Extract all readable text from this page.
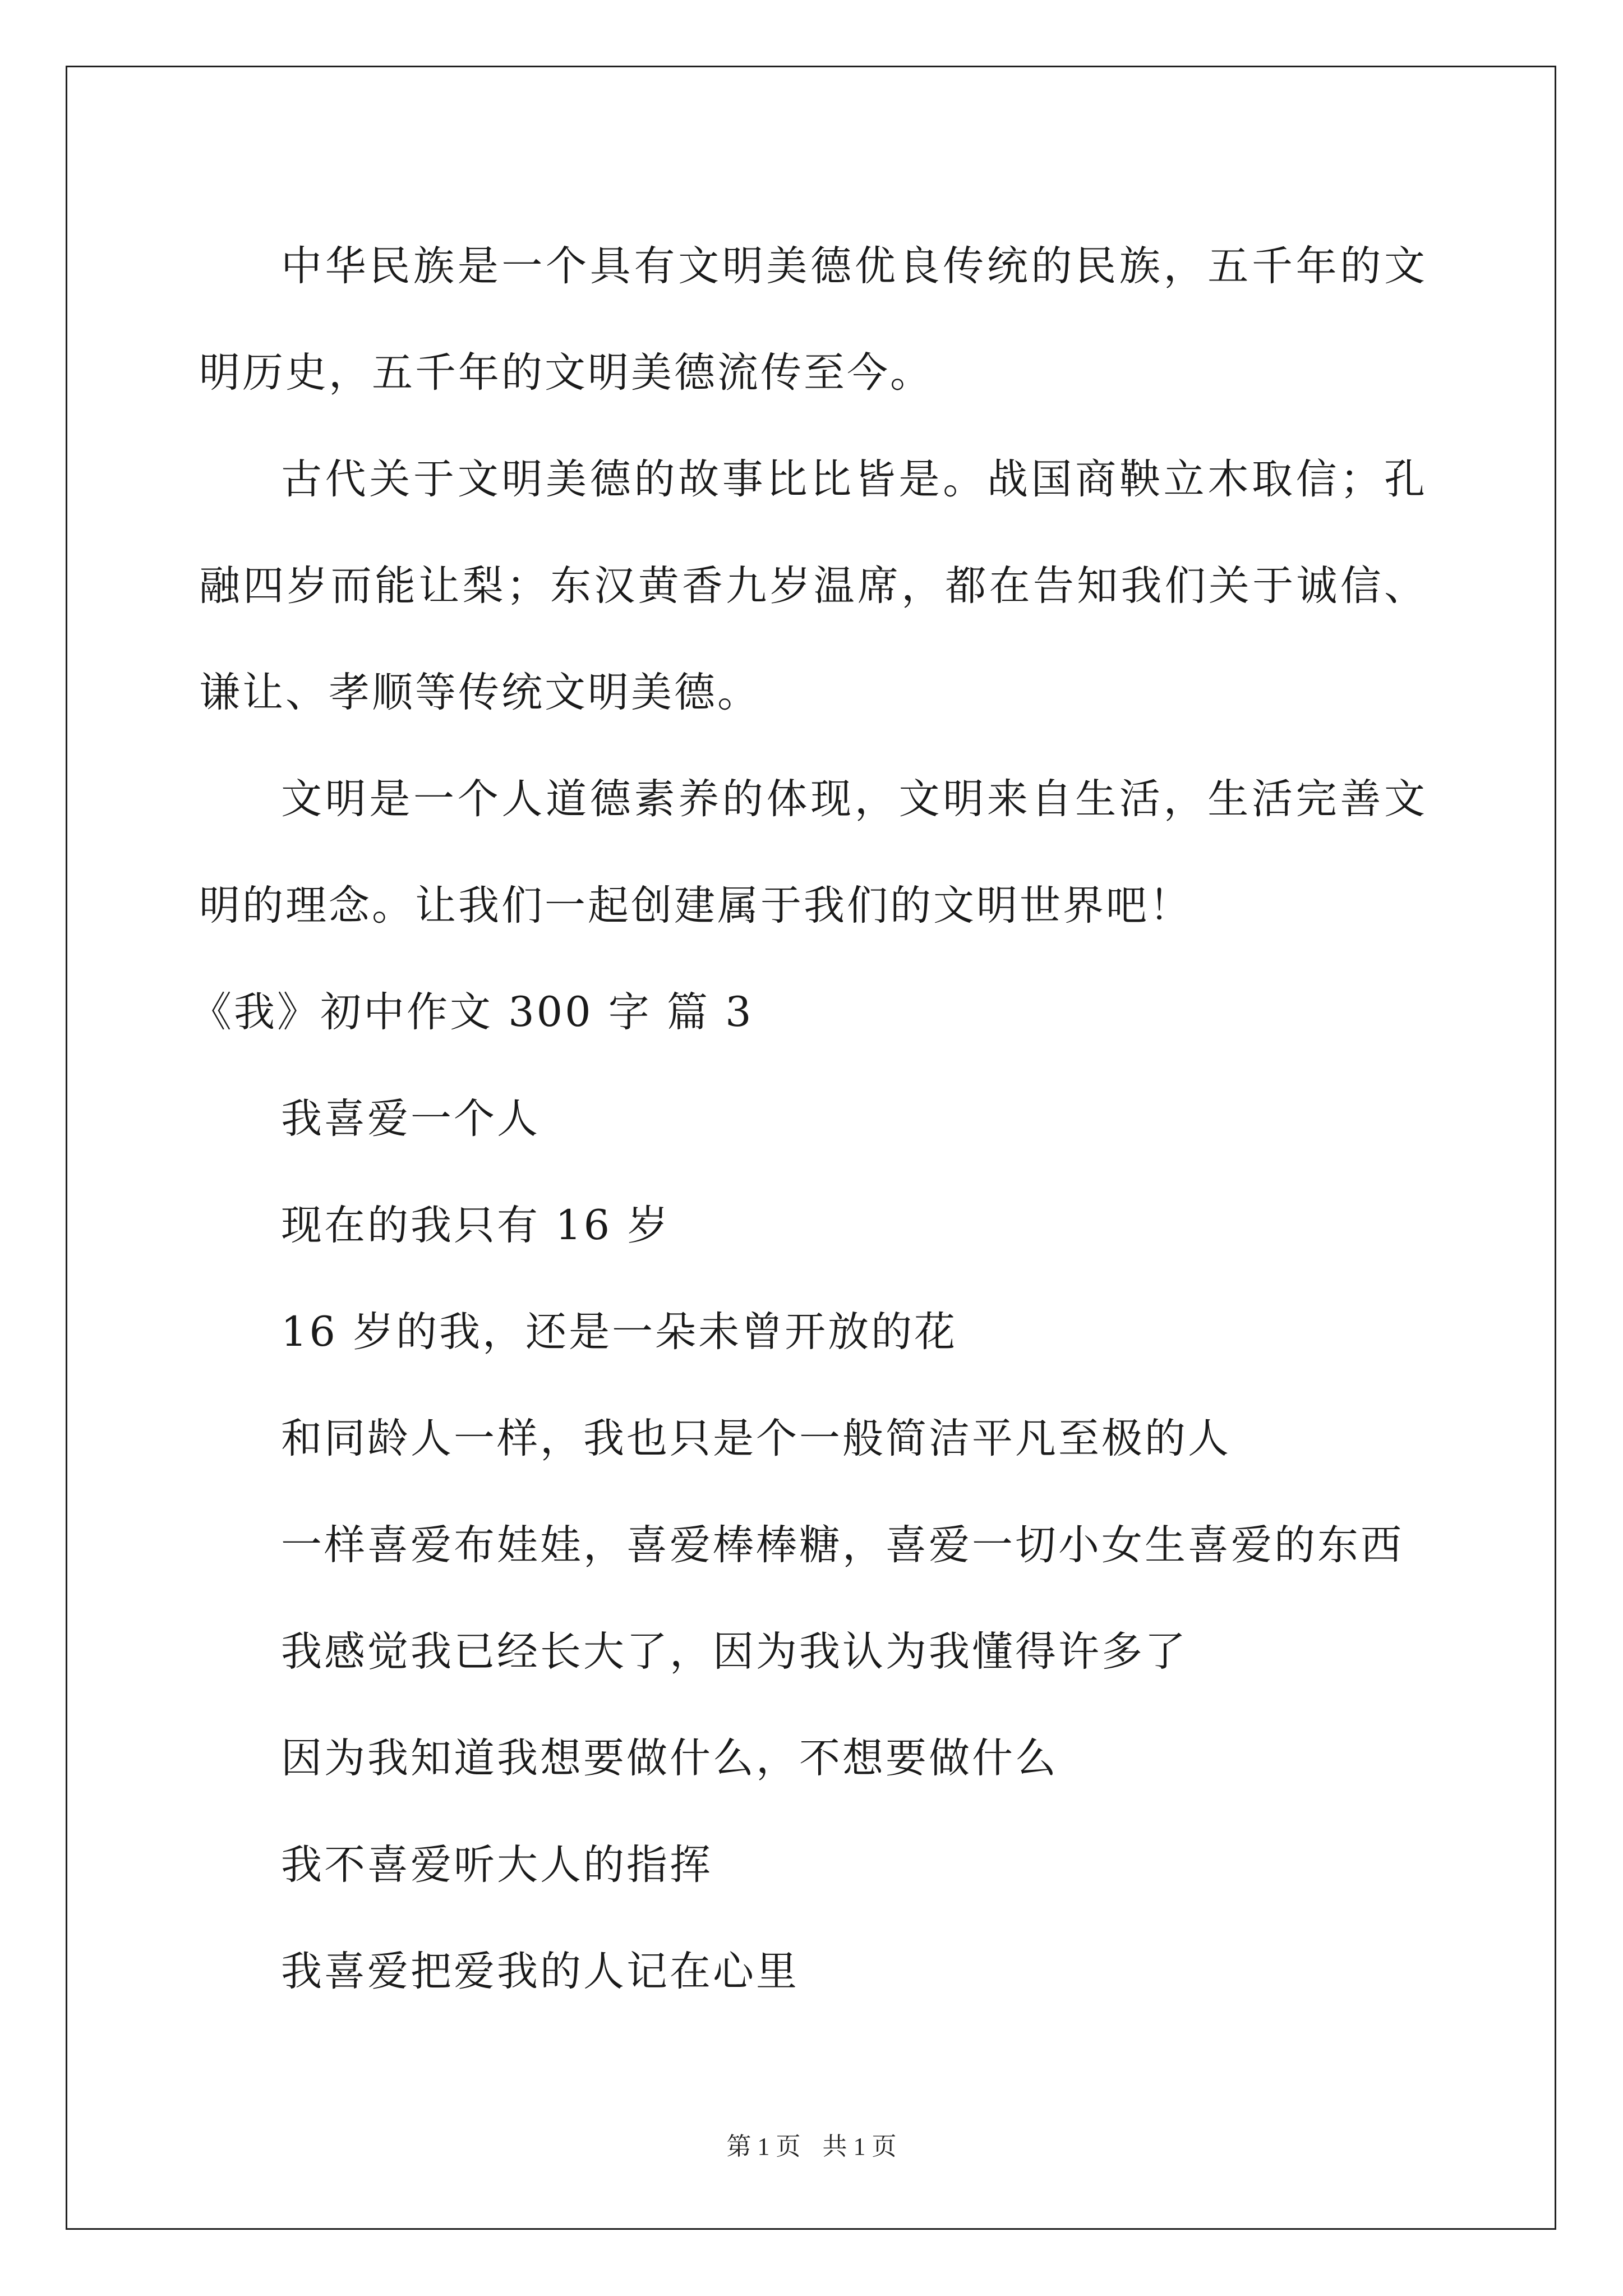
中华民族是一个具有文明美德优良传统的民族，五千年的文明历史，五千年的文明美德流传至今。

古代关于文明美德的故事比比皆是。战国商鞅立木取信；孔融四岁而能让梨；东汉黄香九岁温席，都在告知我们关于诚信、谦让、孝顺等传统文明美德。

文明是一个人道德素养的体现，文明来自生活，生活完善文明的理念。让我们一起创建属于我们的文明世界吧！

《我》初中作文 300 字 篇 3

我喜爱一个人

现在的我只有 16 岁

16 岁的我，还是一朵未曾开放的花

和同龄人一样，我也只是个一般简洁平凡至极的人

一样喜爱布娃娃，喜爱棒棒糖，喜爱一切小女生喜爱的东西

我感觉我已经长大了，因为我认为我懂得许多了

因为我知道我想要做什么，不想要做什么

我不喜爱听大人的指挥

我喜爱把爱我的人记在心里

第 1 页 共 1 页
